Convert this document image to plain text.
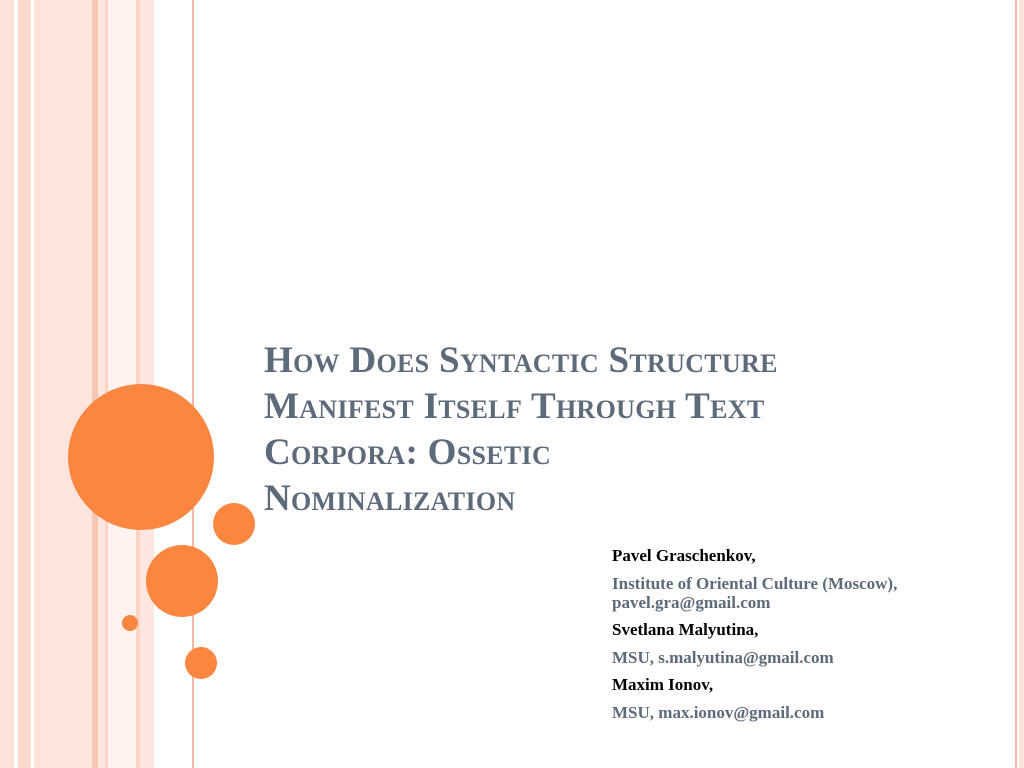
How Does Syntactic Structure
Manifest Itself Through Text
Corpora: Ossetic
Nominalization

Pavel Graschenkov,

Institute of Oriental Culture (Moscow),
pavel.gra@gmail.com

Svetlana Malyutina,

MSU, s.malyutina@gmail.com

Maxim Ionov,

MSU, max.ionov@gmail.com
